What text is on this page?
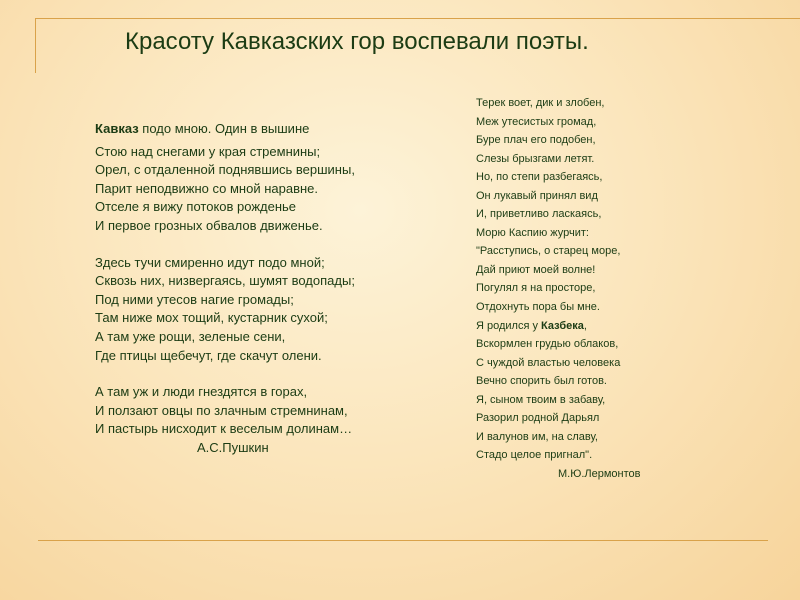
Красоту Кавказских гор воспевали поэты.
Кавказ подо мною. Один в вышине
Стою над снегами у края стремнины;
Орел, с отдаленной поднявшись вершины,
Парит неподвижно со мной наравне.
Отселе я вижу потоков рожденье
И первое грозных обвалов движенье.
Здесь тучи смиренно идут подо мной;
Сквозь них, низвергаясь, шумят водопады;
Под ними утесов нагие громады;
Там ниже мох тощий, кустарник сухой;
А там уже рощи, зеленые сени,
Где птицы щебечут, где скачут олени.
А там уж и люди гнездятся в горах,
И ползают овцы по злачным стремнинам,
И пастырь нисходит к веселым долинам…
А.С.Пушкин
Терек воет, дик и злобен,
Меж утесистых громад,
Буре плач его подобен,
Слезы брызгами летят.
Но, по степи разбегаясь,
Он лукавый принял вид
И, приветливо ласкаясь,
Морю Каспию журчит:
"Расступись, о старец море,
Дай приют моей волне!
Погулял я на просторе,
Отдохнуть пора бы мне.
Я родился у Казбека,
Вскормлен грудью облаков,
С чуждой властью человека
Вечно спорить был готов.
Я, сыном твоим в забаву,
Разорил родной Дарьял
И валунов им, на славу,
Стадо целое пригнал".
М.Ю.Лермонтов
